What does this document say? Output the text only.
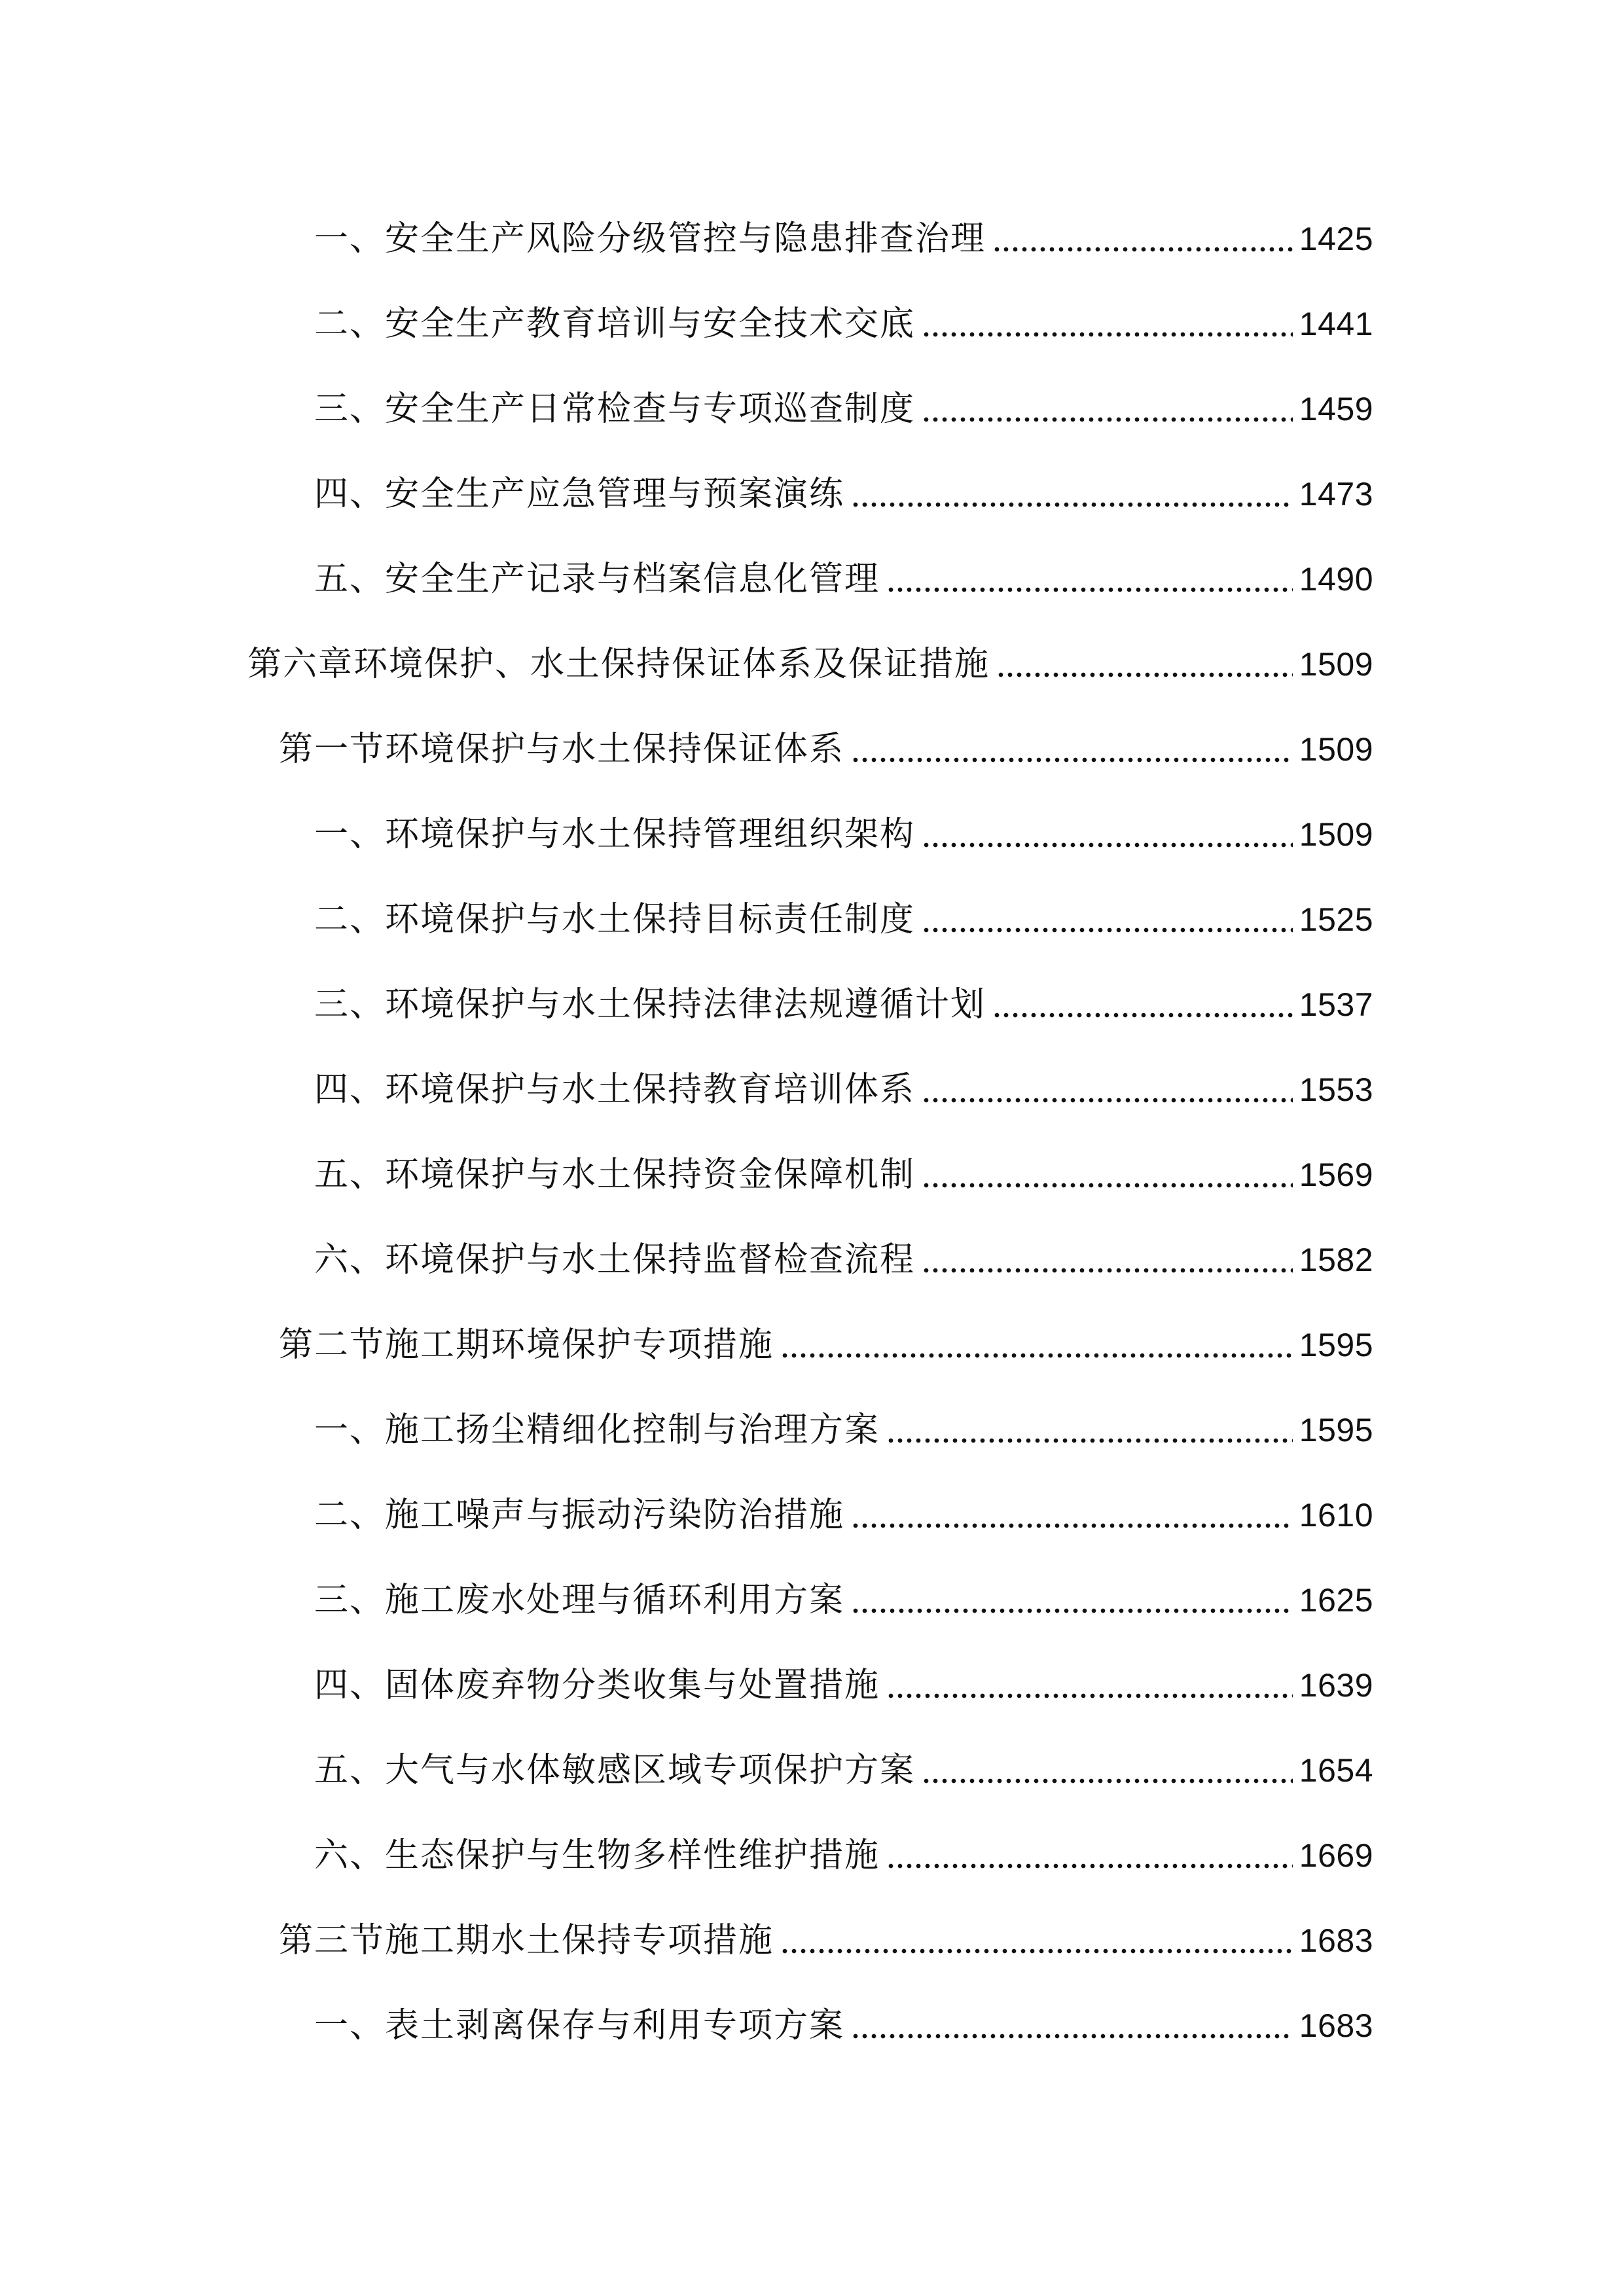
一、安全生产风险分级管控与隐患排查治理	1425
二、安全生产教育培训与安全技术交底	1441
三、安全生产日常检查与专项巡查制度	1459
四、安全生产应急管理与预案演练	1473
五、安全生产记录与档案信息化管理	1490
第六章环境保护、水土保持保证体系及保证措施	1509
第一节环境保护与水土保持保证体系	1509
一、环境保护与水土保持管理组织架构	1509
二、环境保护与水土保持目标责任制度	1525
三、环境保护与水土保持法律法规遵循计划	1537
四、环境保护与水土保持教育培训体系	1553
五、环境保护与水土保持资金保障机制	1569
六、环境保护与水土保持监督检查流程	1582
第二节施工期环境保护专项措施	1595
一、施工扬尘精细化控制与治理方案	1595
二、施工噪声与振动污染防治措施	1610
三、施工废水处理与循环利用方案	1625
四、固体废弃物分类收集与处置措施	1639
五、大气与水体敏感区域专项保护方案	1654
六、生态保护与生物多样性维护措施	1669
第三节施工期水土保持专项措施	1683
一、表土剥离保存与利用专项方案	1683
